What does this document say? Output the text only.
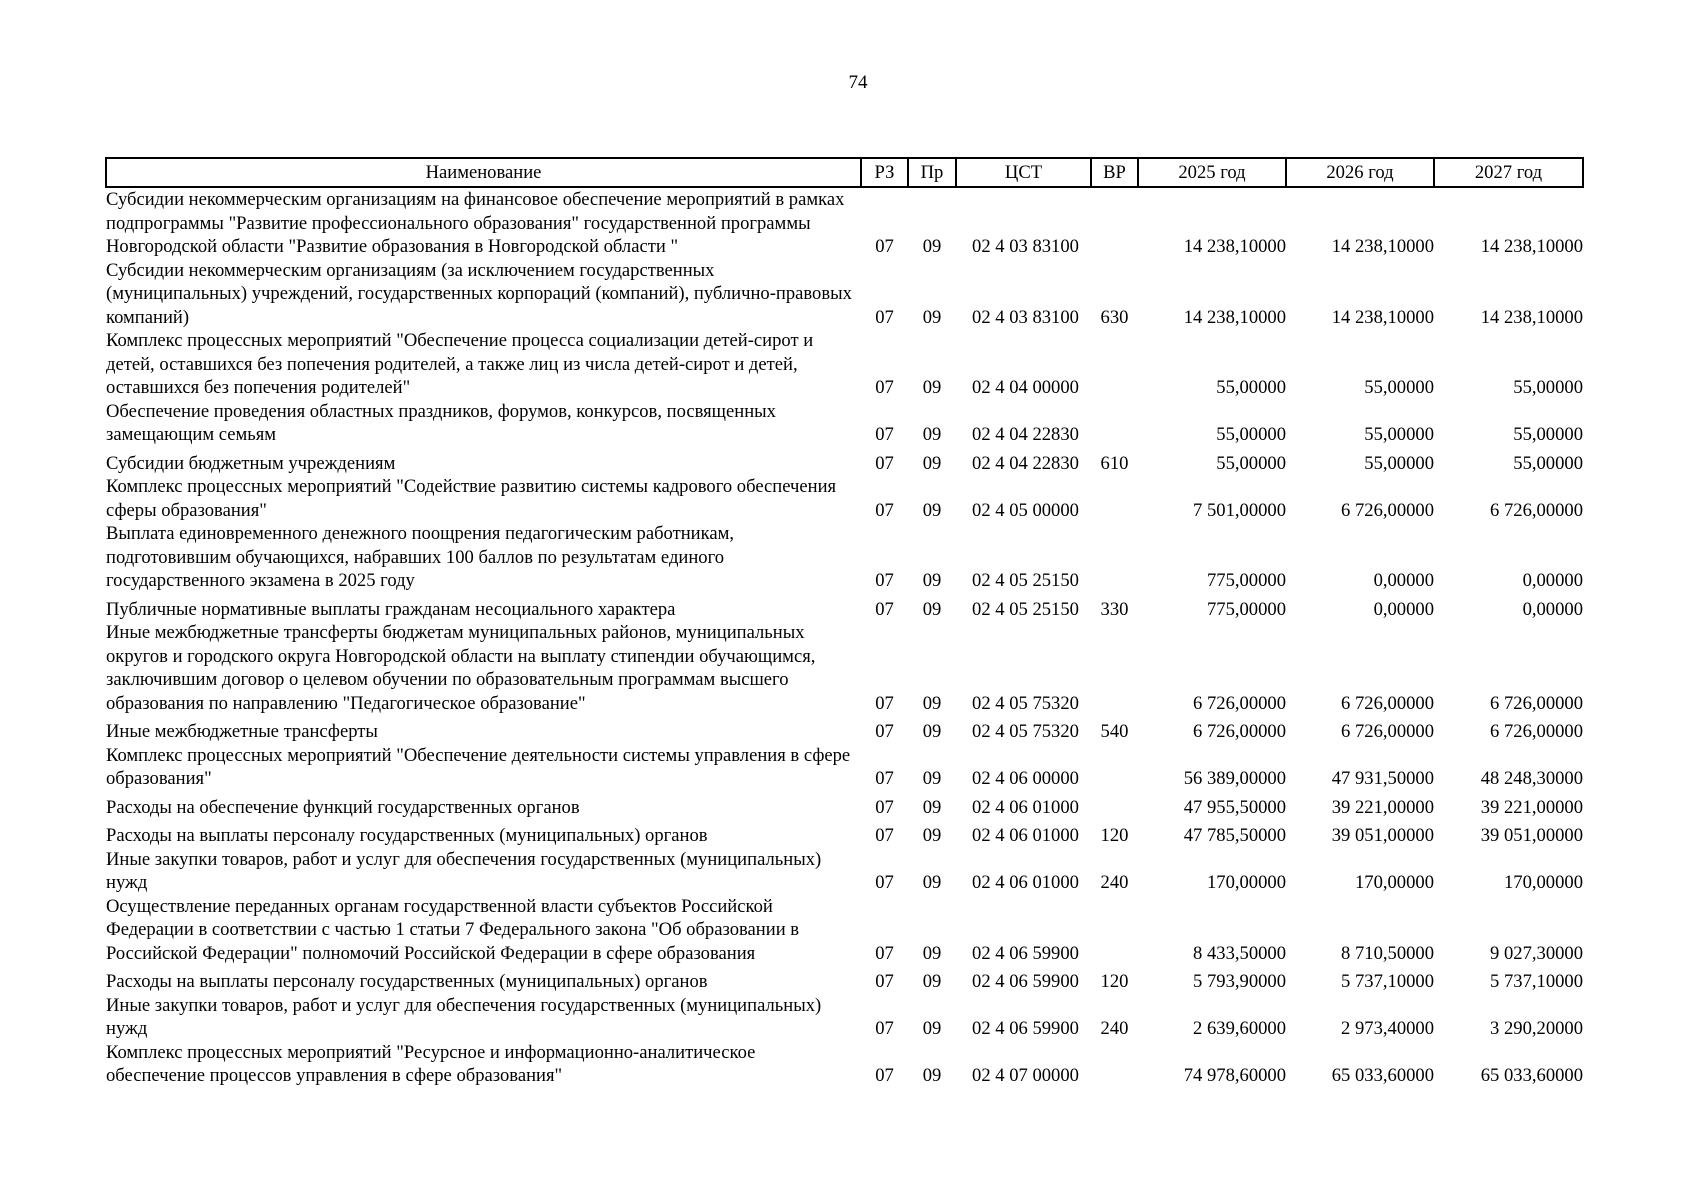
74
Наименование	РЗ	Пр	ЦСТ	ВР	2025 год	2026 год	2027 год
Субсидии некоммерческим организациям на финансовое обеспечение мероприятий в рамках подпрограммы "Развитие профессионального образования" государственной программы Новгородской области "Развитие образования в Новгородской области "	07	09	02 4 03 83100		14 238,10000	14 238,10000	14 238,10000
Субсидии некоммерческим организациям (за исключением государственных (муниципальных) учреждений, государственных корпораций (компаний), публично-правовых компаний)	07	09	02 4 03 83100	630	14 238,10000	14 238,10000	14 238,10000
Комплекс процессных мероприятий "Обеспечение процесса социализации детей-сирот и детей, оставшихся без попечения родителей, а также лиц из числа детей-сирот и детей, оставшихся без попечения родителей"	07	09	02 4 04 00000		55,00000	55,00000	55,00000
Обеспечение проведения областных праздников, форумов, конкурсов, посвященных замещающим семьям	07	09	02 4 04 22830		55,00000	55,00000	55,00000
Субсидии бюджетным учреждениям	07	09	02 4 04 22830	610	55,00000	55,00000	55,00000
Комплекс процессных мероприятий "Содействие развитию системы кадрового обеспечения сферы образования"	07	09	02 4 05 00000		7 501,00000	6 726,00000	6 726,00000
Выплата единовременного денежного поощрения педагогическим работникам, подготовившим обучающихся, набравших 100 баллов по результатам единого государственного экзамена в 2025 году	07	09	02 4 05 25150		775,00000	0,00000	0,00000
Публичные нормативные выплаты гражданам несоциального характера	07	09	02 4 05 25150	330	775,00000	0,00000	0,00000
Иные межбюджетные трансферты бюджетам муниципальных районов, муниципальных округов и городского округа Новгородской области на выплату стипендии обучающимся, заключившим договор о целевом обучении по образовательным программам высшего образования по направлению "Педагогическое образование"	07	09	02 4 05 75320		6 726,00000	6 726,00000	6 726,00000
Иные межбюджетные трансферты	07	09	02 4 05 75320	540	6 726,00000	6 726,00000	6 726,00000
Комплекс процессных мероприятий "Обеспечение деятельности системы управления в сфере образования"	07	09	02 4 06 00000		56 389,00000	47 931,50000	48 248,30000
Расходы на обеспечение функций государственных органов	07	09	02 4 06 01000		47 955,50000	39 221,00000	39 221,00000
Расходы на выплаты персоналу государственных (муниципальных) органов	07	09	02 4 06 01000	120	47 785,50000	39 051,00000	39 051,00000
Иные закупки товаров, работ и услуг для обеспечения государственных (муниципальных) нужд	07	09	02 4 06 01000	240	170,00000	170,00000	170,00000
Осуществление переданных органам государственной власти субъектов Российской Федерации в соответствии с частью 1 статьи 7 Федерального закона "Об образовании в Российской Федерации" полномочий Российской Федерации в сфере образования	07	09	02 4 06 59900		8 433,50000	8 710,50000	9 027,30000
Расходы на выплаты персоналу государственных (муниципальных) органов	07	09	02 4 06 59900	120	5 793,90000	5 737,10000	5 737,10000
Иные закупки товаров, работ и услуг для обеспечения государственных (муниципальных) нужд	07	09	02 4 06 59900	240	2 639,60000	2 973,40000	3 290,20000
Комплекс процессных мероприятий "Ресурсное и информационно-аналитическое обеспечение процессов управления в сфере образования"	07	09	02 4 07 00000		74 978,60000	65 033,60000	65 033,60000
